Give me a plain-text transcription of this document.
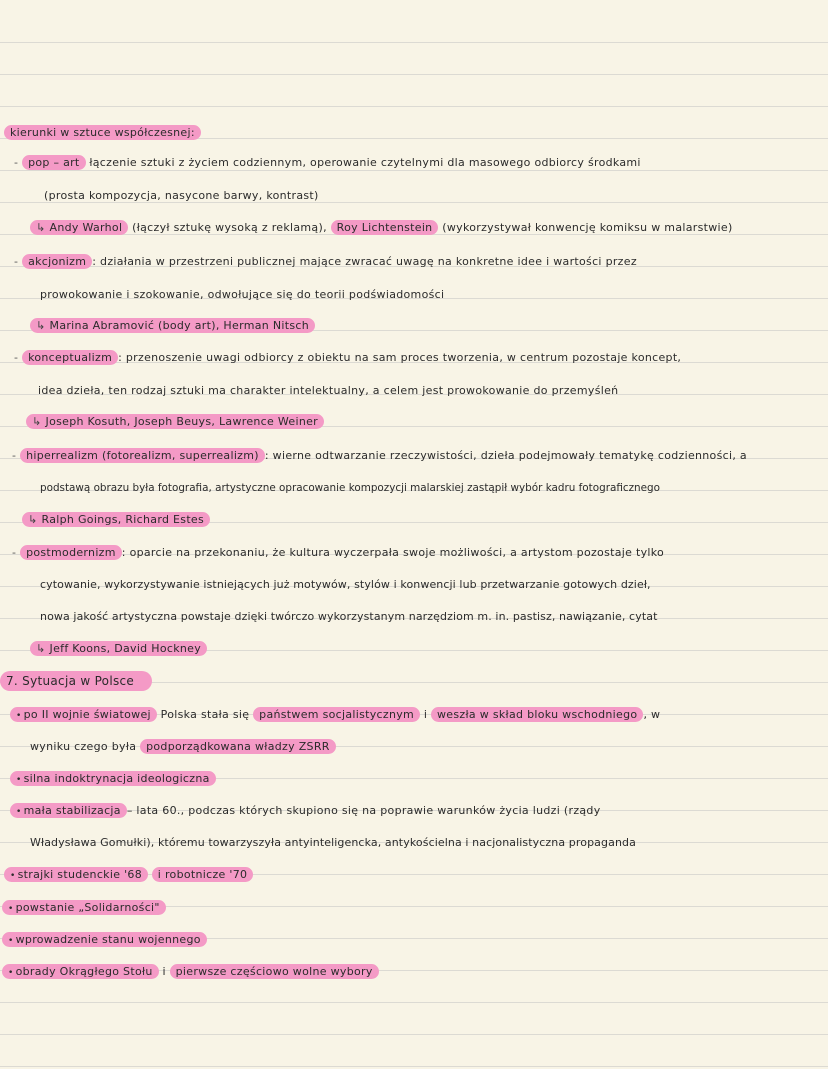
kierunki w sztuce współczesnej:
- pop – art łączenie sztuki z życiem codziennym, operowanie czytelnymi dla masowego odbiorcy środkami
(prosta kompozycja, nasycone barwy, kontrast)
↳ Andy Warhol (łączył sztukę wysoką z reklamą), Roy Lichtenstein (wykorzystywał konwencję komiksu w malarstwie)
- akcjonizm : działania w przestrzeni publicznej mające zwracać uwagę na konkretne idee i wartości przez
prowokowanie i szokowanie, odwołujące się do teorii podświadomości
↳ Marina Abramović (body art), Herman Nitsch
- konceptualizm : przenoszenie uwagi odbiorcy z obiektu na sam proces tworzenia, w centrum pozostaje koncept,
idea dzieła, ten rodzaj sztuki ma charakter intelektualny, a celem jest prowokowanie do przemyśleń
↳ Joseph Kosuth, Joseph Beuys, Lawrence Weiner
- hiperrealizm (fotorealizm, superrealizm) : wierne odtwarzanie rzeczywistości, dzieła podejmowały tematykę codzienności, a
podstawą obrazu była fotografia, artystyczne opracowanie kompozycji malarskiej zastąpił wybór kadru fotograficznego
↳ Ralph Goings, Richard Estes
- postmodernizm : oparcie na przekonaniu, że kultura wyczerpała swoje możliwości, a artystom pozostaje tylko
cytowanie, wykorzystywanie istniejących już motywów, stylów i konwencji lub przetwarzanie gotowych dzieł,
nowa jakość artystyczna powstaje dzięki twórczo wykorzystanym narzędziom m. in. pastisz, nawiązanie, cytat
↳ Jeff Koons, David Hockney
7. Sytuacja w Polsce
• po II wojnie światowej Polska stała się państwem socjalistycznym i weszła w skład bloku wschodniego , w
wyniku czego była podporządkowana władzy ZSRR
• silna indoktrynacja ideologiczna
• mała stabilizacja – lata 60., podczas których skupiono się na poprawie warunków życia ludzi (rządy
Władysława Gomułki), któremu towarzyszyła antyinteligencka, antykościelna i nacjonalistyczna propaganda
• strajki studenckie '68 i robotnicze '70
• powstanie „Solidarności"
• wprowadzenie stanu wojennego
• obrady Okrągłego Stołu i pierwsze częściowo wolne wybory
